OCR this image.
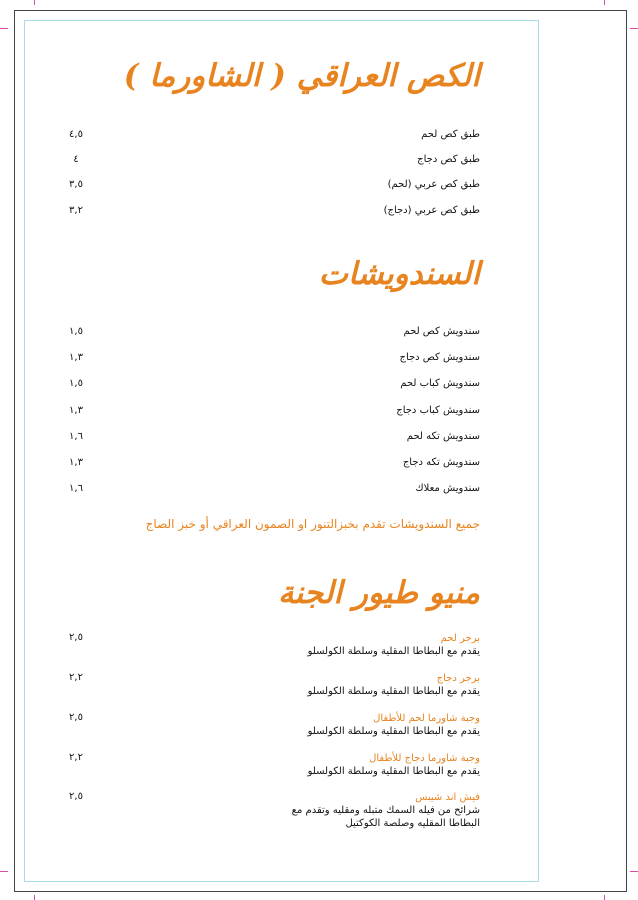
الكص العراقي ( الشاورما )
طبق كص لحم
٤,٥
طبق كص دجاج
٤
طبق كص عربي (لحم)
٣,٥
طبق كص عربي (دجاج)
٣,٢
السندويشات
سندويش كص لحم
١,٥
سندويش كص دجاج
١,٣
سندويش كباب لحم
١,٥
سندويش كباب دجاج
١,٣
سندويش تكه لحم
١,٦
سندويش تكه دجاج
١,٣
سندويش معلاك
١,٦
جميع السندويشات تقدم بخبزالتنور او الصمون العراقي أو خبز الصاج
منيو طيور الجنة
برجر لحم
يقدم مع البطاطا المقلية وسلطة الكولسلو
٢,٥
برجر دجاج
يقدم مع البطاطا المقلية وسلطة الكولسلو
٢,٢
وجبة شاورما لحم للأطفال
يقدم مع البطاطا المقلية وسلطة الكولسلو
٢,٥
وجبة شاورما دجاج للأطفال
يقدم مع البطاطا المقلية وسلطة الكولسلو
٢,٢
فيش اند شيبس
شرائح من فيله السمك متبله ومقليه وتقدم مع البطاطا المقليه وصلصة الكوكتيل
٢,٥
